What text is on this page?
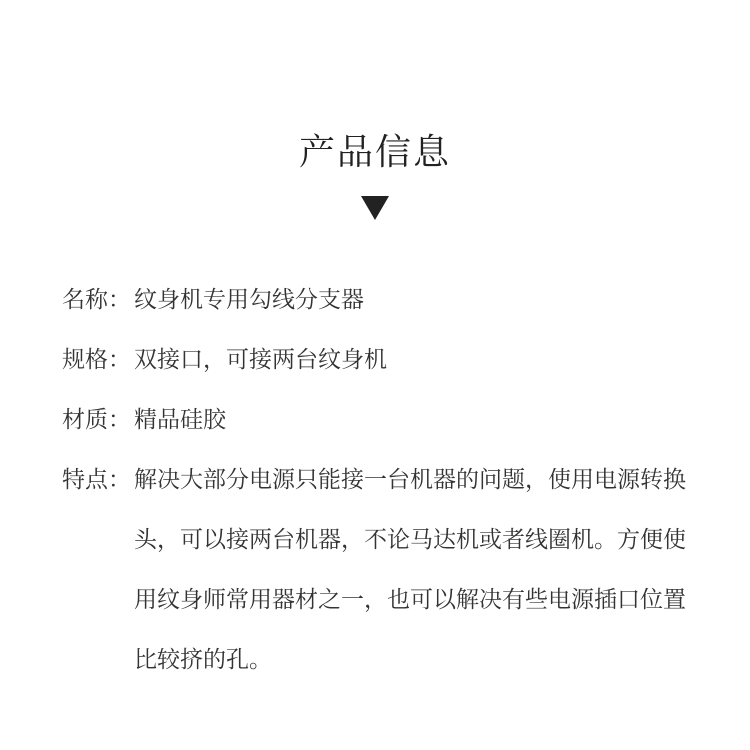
产品信息
名称： 纹身机专用勾线分支器
规格： 双接口，可接两台纹身机
材质： 精品硅胶
特点： 解决大部分电源只能接一台机器的问题，使用电源转换头，可以接两台机器，不论马达机或者线圈机。方便使用纹身师常用器材之一，也可以解决有些电源插口位置比较挤的孔。
